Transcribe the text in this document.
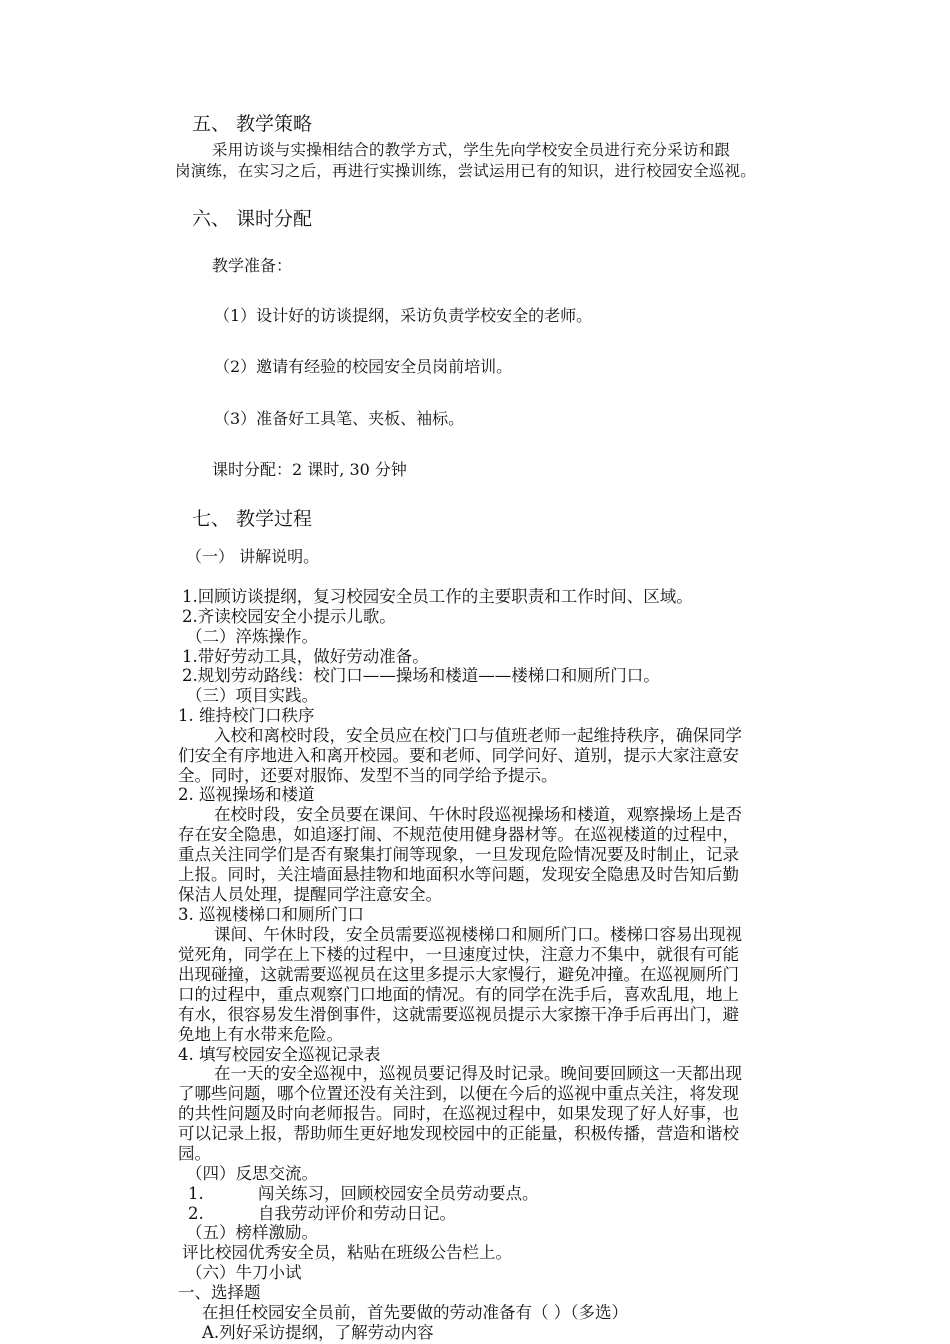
五、 教学策略
采用访谈与实操相结合的教学方式，学生先向学校安全员进行充分采访和跟
岗演练，在实习之后，再进行实操训练，尝试运用已有的知识，进行校园安全巡视。
六、 课时分配
教学准备：
（1）设计好的访谈提纲，采访负责学校安全的老师。
（2）邀请有经验的校园安全员岗前培训。
（3）准备好工具笔、夹板、袖标。
课时分配：2 课时, 30 分钟
七、 教学过程
（一） 讲解说明。
1.回顾访谈提纲，复习校园安全员工作的主要职责和工作时间、区域。
2.齐读校园安全小提示儿歌。
（二）淬炼操作。
1.带好劳动工具，做好劳动准备。
2.规划劳动路线：校门口——操场和楼道——楼梯口和厕所门口。
（三）项目实践。
1. 维持校门口秩序
入校和离校时段，安全员应在校门口与值班老师一起维持秩序，确保同学
们安全有序地进入和离开校园。要和老师、同学问好、道别，提示大家注意安
全。同时，还要对服饰、发型不当的同学给予提示。
2. 巡视操场和楼道
在校时段，安全员要在课间、午休时段巡视操场和楼道，观察操场上是否
存在安全隐患，如追逐打闹、不规范使用健身器材等。在巡视楼道的过程中，
重点关注同学们是否有聚集打闹等现象，一旦发现危险情况要及时制止，记录
上报。同时，关注墙面悬挂物和地面积水等问题，发现安全隐患及时告知后勤
保洁人员处理，提醒同学注意安全。
3. 巡视楼梯口和厕所门口
课间、午休时段，安全员需要巡视楼梯口和厕所门口。楼梯口容易出现视
觉死角，同学在上下楼的过程中，一旦速度过快，注意力不集中，就很有可能
出现碰撞，这就需要巡视员在这里多提示大家慢行，避免冲撞。在巡视厕所门
口的过程中，重点观察门口地面的情况。有的同学在洗手后，喜欢乱甩，地上
有水，很容易发生滑倒事件，这就需要巡视员提示大家擦干净手后再出门，避
免地上有水带来危险。
4. 填写校园安全巡视记录表
在一天的安全巡视中，巡视员要记得及时记录。晚间要回顾这一天都出现
了哪些问题，哪个位置还没有关注到，以便在今后的巡视中重点关注，将发现
的共性问题及时向老师报告。同时，在巡视过程中，如果发现了好人好事，也
可以记录上报，帮助师生更好地发现校园中的正能量，积极传播，营造和谐校
园。
（四）反思交流。
1.	闯关练习，回顾校园安全员劳动要点。
2.	自我劳动评价和劳动日记。
（五）榜样激励。
评比校园优秀安全员，粘贴在班级公告栏上。
（六）牛刀小试
一、选择题
在担任校园安全员前，首先要做的劳动准备有（ ）（多选）
A.列好采访提纲，了解劳动内容
